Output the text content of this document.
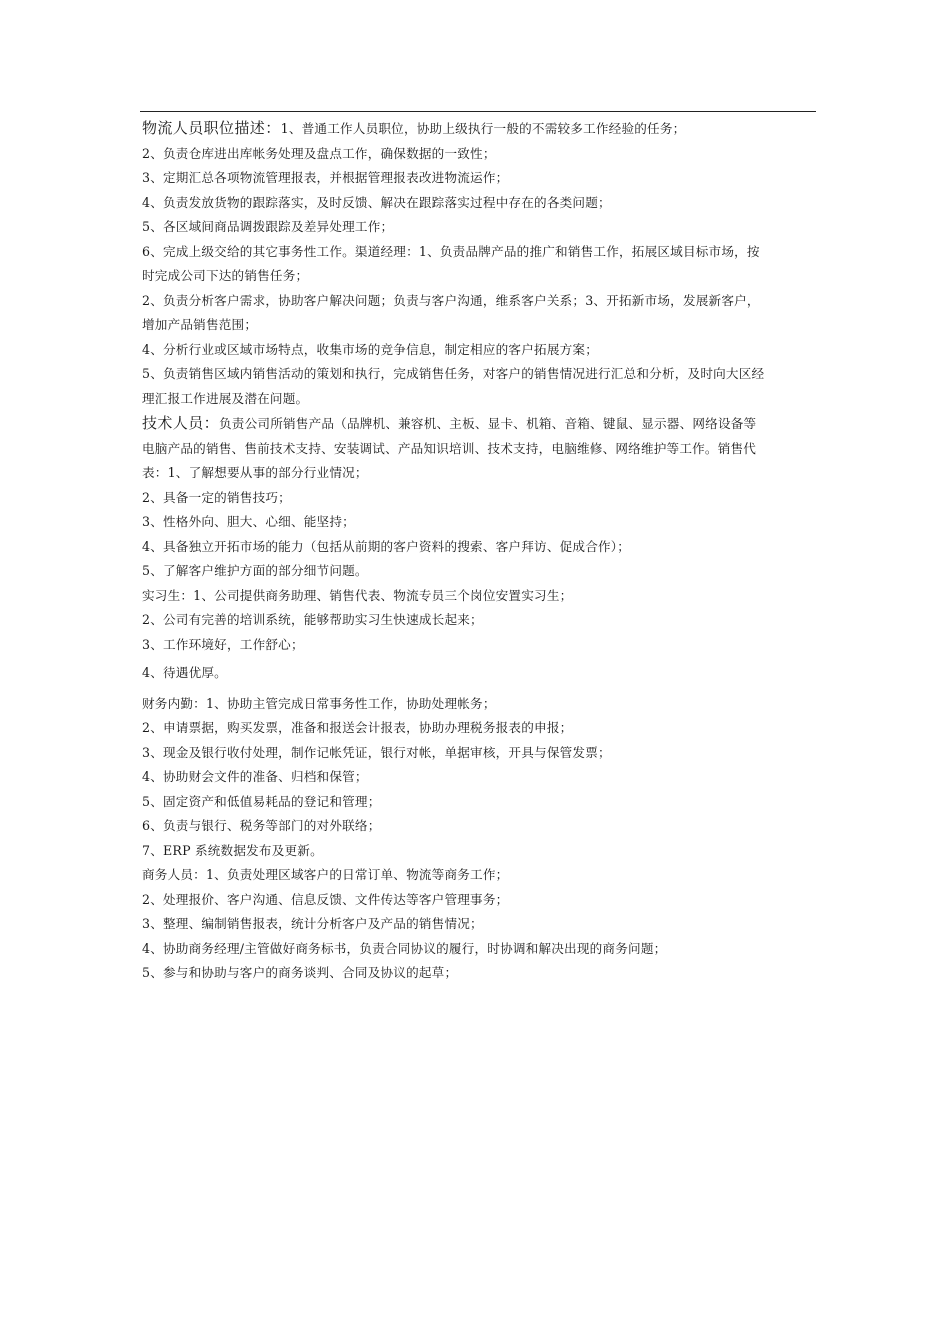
物流人员职位描述：1、普通工作人员职位，协助上级执行一般的不需较多工作经验的任务；
2、负责仓库进出库帐务处理及盘点工作，确保数据的一致性；
3、定期汇总各项物流管理报表，并根据管理报表改进物流运作；
4、负责发放货物的跟踪落实，及时反馈、解决在跟踪落实过程中存在的各类问题；
5、各区域间商品调拨跟踪及差异处理工作；
6、完成上级交给的其它事务性工作。渠道经理：1、负责品牌产品的推广和销售工作，拓展区域目标市场，按
时完成公司下达的销售任务；
2、负责分析客户需求，协助客户解决问题；负责与客户沟通，维系客户关系；3、开拓新市场，发展新客户，
增加产品销售范围；
4、分析行业或区域市场特点，收集市场的竞争信息，制定相应的客户拓展方案；
5、负责销售区域内销售活动的策划和执行，完成销售任务，对客户的销售情况进行汇总和分析，及时向大区经
理汇报工作进展及潜在问题。
技术人员：负责公司所销售产品（品牌机、兼容机、主板、显卡、机箱、音箱、键鼠、显示器、网络设备等
电脑产品的销售、售前技术支持、安装调试、产品知识培训、技术支持，电脑维修、网络维护等工作。销售代
表：1、了解想要从事的部分行业情况；
2、具备一定的销售技巧；
3、性格外向、胆大、心细、能坚持；
4、具备独立开拓市场的能力（包括从前期的客户资料的搜索、客户拜访、促成合作）；
5、了解客户维护方面的部分细节问题。
实习生：1、公司提供商务助理、销售代表、物流专员三个岗位安置实习生；
2、公司有完善的培训系统，能够帮助实习生快速成长起来；
3、工作环境好，工作舒心；
4、待遇优厚。
财务内勤：1、协助主管完成日常事务性工作，协助处理帐务；
2、申请票据，购买发票，准备和报送会计报表，协助办理税务报表的申报；
3、现金及银行收付处理，制作记帐凭证，银行对帐，单据审核，开具与保管发票；
4、协助财会文件的准备、归档和保管；
5、固定资产和低值易耗品的登记和管理；
6、负责与银行、税务等部门的对外联络；
7、ERP 系统数据发布及更新。
商务人员：1、负责处理区域客户的日常订单、物流等商务工作；
2、处理报价、客户沟通、信息反馈、文件传达等客户管理事务；
3、整理、编制销售报表，统计分析客户及产品的销售情况；
4、协助商务经理/主管做好商务标书，负责合同协议的履行，时协调和解决出现的商务问题；
5、参与和协助与客户的商务谈判、合同及协议的起草；
